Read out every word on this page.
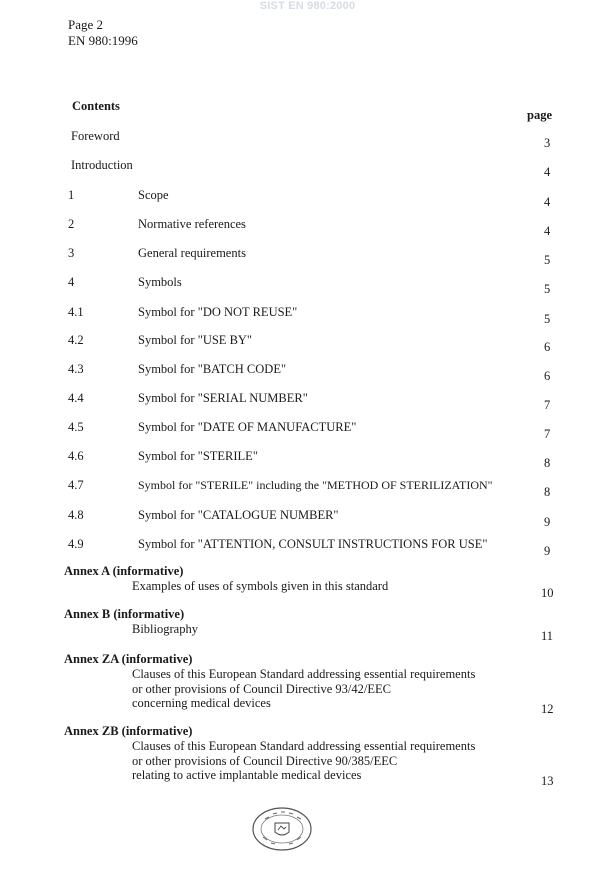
SIST EN 980:2000
Page 2
EN 980:1996
Contents
page
Foreword	3
Introduction	4
1	Scope	4
2	Normative references	4
3	General requirements	5
4	Symbols	5
4.1	Symbol for "DO NOT REUSE"	5
4.2	Symbol for "USE BY"	6
4.3	Symbol for "BATCH CODE"	6
4.4	Symbol for "SERIAL NUMBER"	7
4.5	Symbol for "DATE OF MANUFACTURE"	7
4.6	Symbol for "STERILE"	8
4.7	Symbol for "STERILE" including the "METHOD OF STERILIZATION"	8
4.8	Symbol for "CATALOGUE NUMBER"	9
4.9	Symbol for "ATTENTION, CONSULT INSTRUCTIONS FOR USE"	9
Annex A (informative)
Examples of uses of symbols given in this standard	10
Annex B (informative)
Bibliography	11
Annex ZA (informative)
Clauses of this European Standard addressing essential requirements
or other provisions of Council Directive 93/42/EEC
concerning medical devices	12
Annex ZB (informative)
Clauses of this European Standard addressing essential requirements
or other provisions of Council Directive 90/385/EEC
relating to active implantable medical devices	13
